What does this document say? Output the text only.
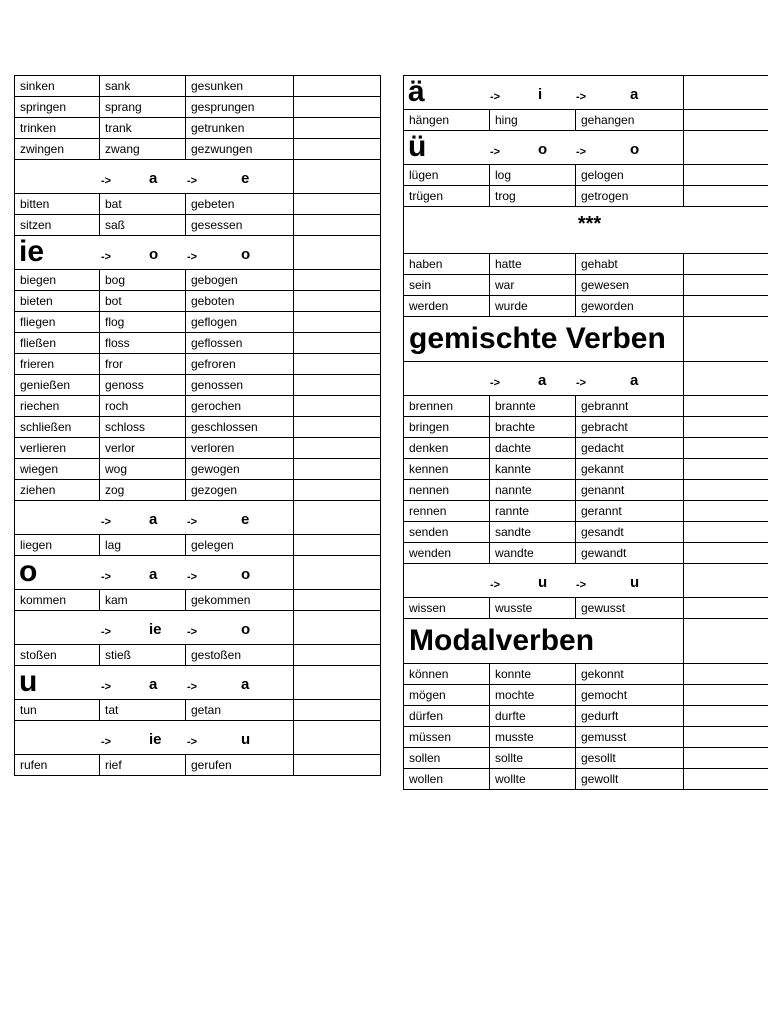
sinken	sank	gesunken	
springen	sprang	gesprungen	
trinken	trank	getrunken	
zwingen	zwang	gezwungen	

-> a -> e			

bitten	bat	gebeten	
sitzen	saß	gesessen	

ie -> o -> o			

biegen	bog	gebogen	
bieten	bot	geboten	
fliegen	flog	geflogen	
fließen	floss	geflossen	
frieren	fror	gefroren	
genießen	genoss	genossen	
riechen	roch	gerochen	
schließen	schloss	geschlossen	
verlieren	verlor	verloren	
wiegen	wog	gewogen	
ziehen	zog	gezogen	

-> a -> e			

liegen	lag	gelegen	

o -> a -> o			

kommen	kam	gekommen	

-> ie -> o			

stoßen	stieß	gestoßen	

u -> a -> a			

tun	tat	getan	

-> ie -> u			

rufen	rief	gerufen	
ä -> i -> a			

hängen	hing	gehangen	

ü -> o -> o			

lügen	log	gelogen	
trügen	trog	getrogen	
***			
haben	hatte	gehabt	
sein	war	gewesen	
werden	wurde	geworden	
gemischte Verben			

-> a -> a			

brennen	brannte	gebrannt	
bringen	brachte	gebracht	
denken	dachte	gedacht	
kennen	kannte	gekannt	
nennen	nannte	genannt	
rennen	rannte	gerannt	
senden	sandte	gesandt	
wenden	wandte	gewandt	

-> u -> u			

wissen	wusste	gewusst	
Modalverben			
können	konnte	gekonnt	
mögen	mochte	gemocht	
dürfen	durfte	gedurft	
müssen	musste	gemusst	
sollen	sollte	gesollt	
wollen	wollte	gewollt	
